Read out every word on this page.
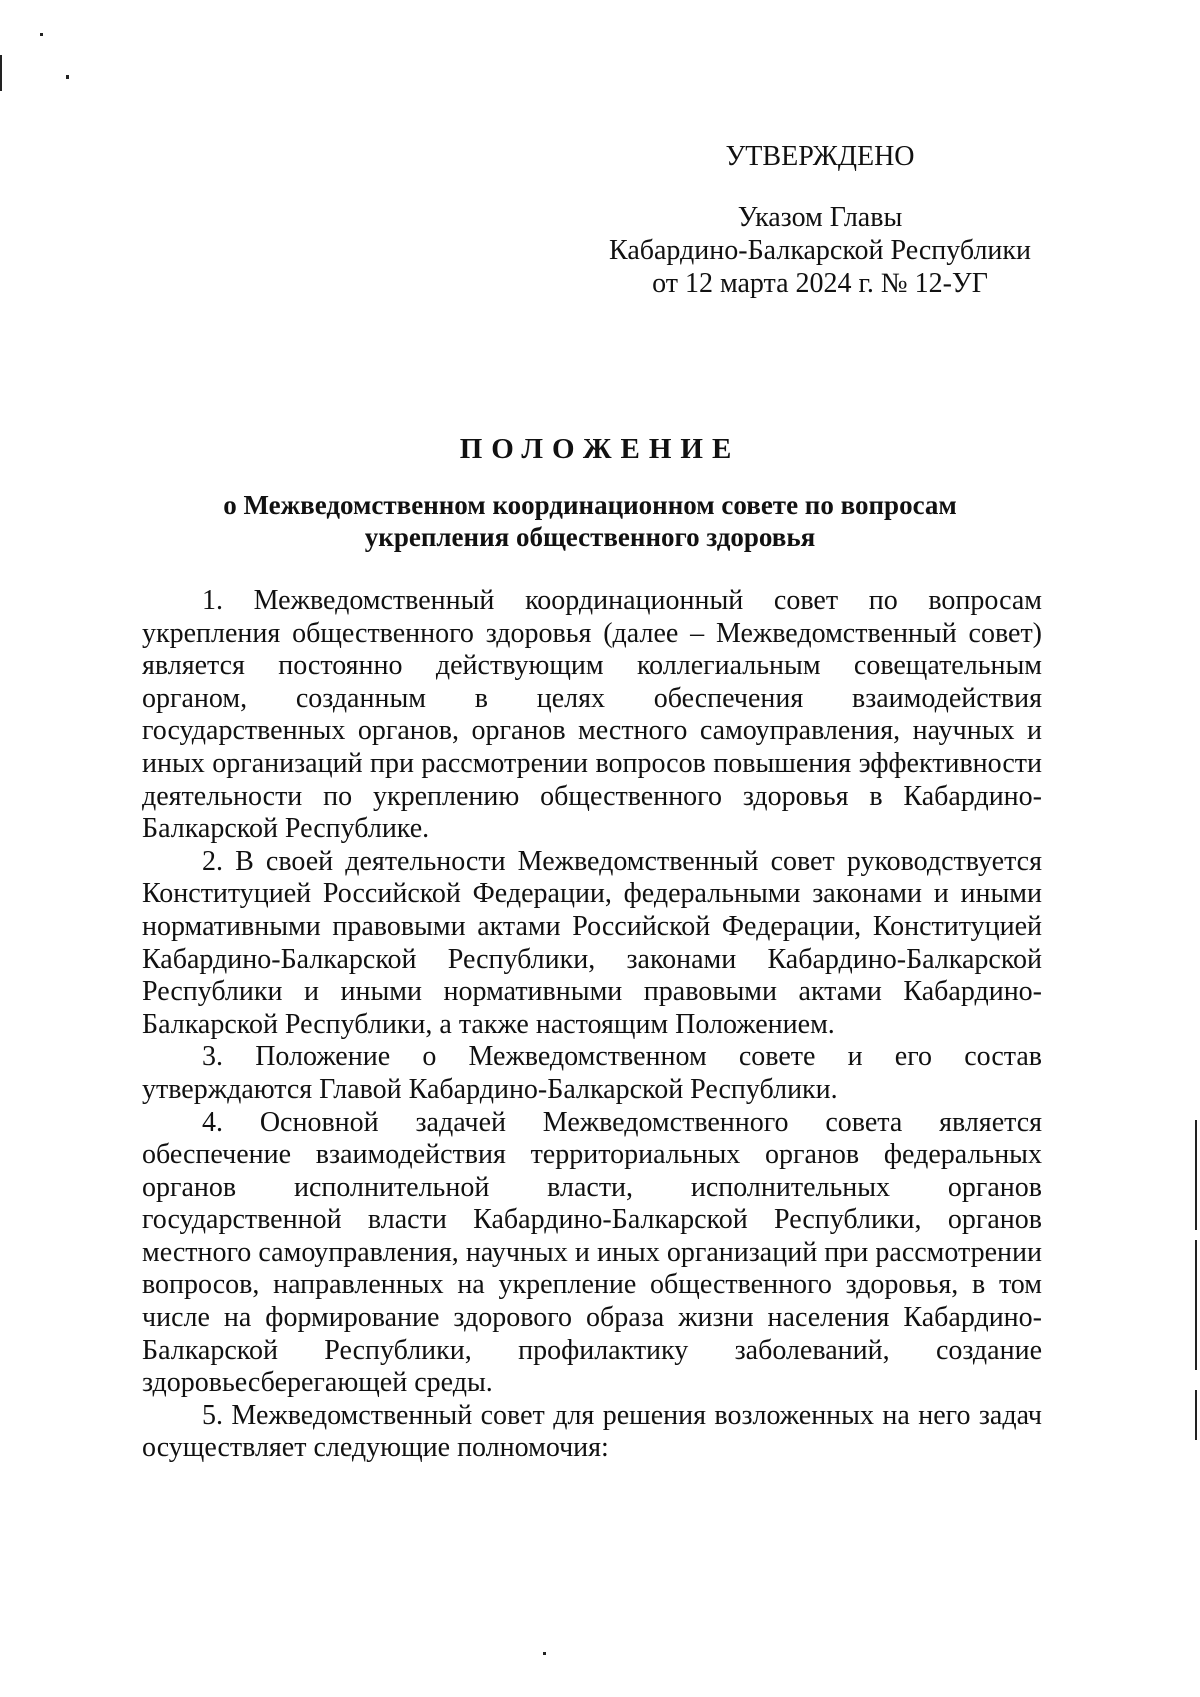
УТВЕРЖДЕНО
Указом Главы
Кабардино-Балкарской Республики
от 12 марта 2024 г. № 12-УГ
ПОЛОЖЕНИЕ
о Межведомственном координационном совете по вопросам укрепления общественного здоровья

1. Межведомственный координационный совет по вопросам укрепления общественного здоровья (далее – Межведомственный совет) является постоянно действующим коллегиальным совещательным органом, созданным в целях обеспечения взаимодействия государственных органов, органов местного самоуправления, научных и иных организаций при рассмотрении вопросов повышения эффективности деятельности по укреплению общественного здоровья в Кабардино-Балкарской Республике.

2. В своей деятельности Межведомственный совет руководствуется Конституцией Российской Федерации, федеральными законами и иными нормативными правовыми актами Российской Федерации, Конституцией Кабардино-Балкарской Республики, законами Кабардино-Балкарской Республики и иными нормативными правовыми актами Кабардино-Балкарской Республики, а также настоящим Положением.

3. Положение о Межведомственном совете и его состав утверждаются Главой Кабардино-Балкарской Республики.

4. Основной задачей Межведомственного совета является обеспечение взаимодействия территориальных органов федеральных органов исполнительной власти, исполнительных органов государственной власти Кабардино-Балкарской Республики, органов местного самоуправления, научных и иных организаций при рассмотрении вопросов, направленных на укрепление общественного здоровья, в том числе на формирование здорового образа жизни населения Кабардино-Балкарской Республики, профилактику заболеваний, создание здоровьесберегающей среды.

5. Межведомственный совет для решения возложенных на него задач осуществляет следующие полномочия:
